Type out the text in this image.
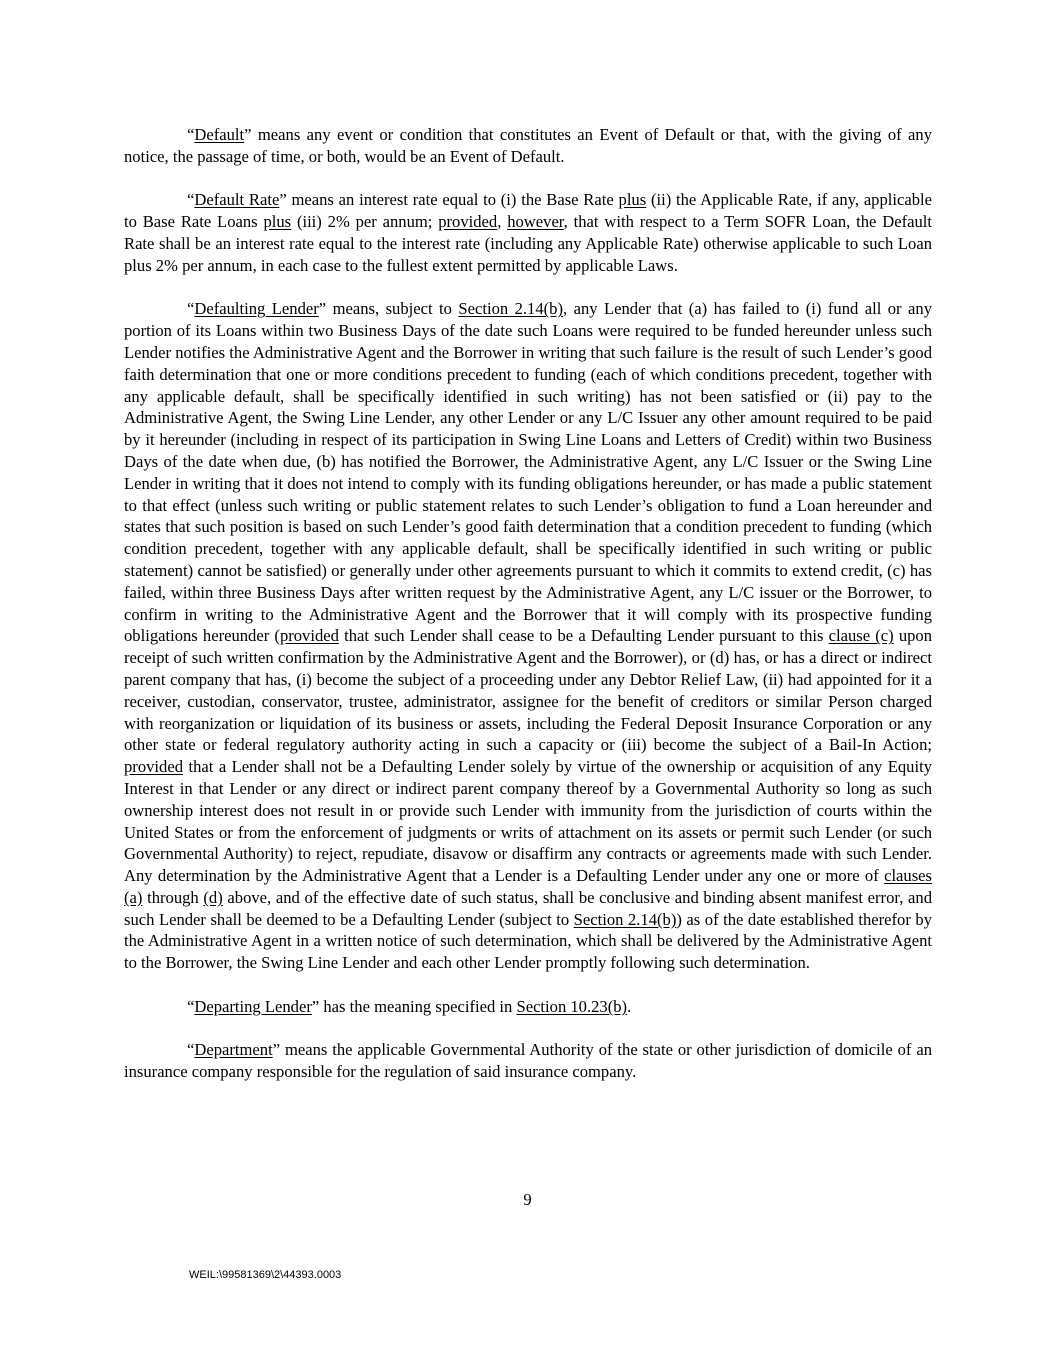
“Default” means any event or condition that constitutes an Event of Default or that, with the giving of any notice, the passage of time, or both, would be an Event of Default.

“Default Rate” means an interest rate equal to (i) the Base Rate plus (ii) the Applicable Rate, if any, applicable to Base Rate Loans plus (iii) 2% per annum; provided, however, that with respect to a Term SOFR Loan, the Default Rate shall be an interest rate equal to the interest rate (including any Applicable Rate) otherwise applicable to such Loan plus 2% per annum, in each case to the fullest extent permitted by applicable Laws.

“Defaulting Lender” means, subject to Section 2.14(b), any Lender that (a) has failed to (i) fund all or any portion of its Loans within two Business Days of the date such Loans were required to be funded hereunder unless such Lender notifies the Administrative Agent and the Borrower in writing that such failure is the result of such Lender’s good faith determination that one or more conditions precedent to funding (each of which conditions precedent, together with any applicable default, shall be specifically identified in such writing) has not been satisfied or (ii) pay to the Administrative Agent, the Swing Line Lender, any other Lender or any L/C Issuer any other amount required to be paid by it hereunder (including in respect of its participation in Swing Line Loans and Letters of Credit) within two Business Days of the date when due, (b) has notified the Borrower, the Administrative Agent, any L/C Issuer or the Swing Line Lender in writing that it does not intend to comply with its funding obligations hereunder, or has made a public statement to that effect (unless such writing or public statement relates to such Lender’s obligation to fund a Loan hereunder and states that such position is based on such Lender’s good faith determination that a condition precedent to funding (which condition precedent, together with any applicable default, shall be specifically identified in such writing or public statement) cannot be satisfied) or generally under other agreements pursuant to which it commits to extend credit, (c) has failed, within three Business Days after written request by the Administrative Agent, any L/C issuer or the Borrower, to confirm in writing to the Administrative Agent and the Borrower that it will comply with its prospective funding obligations hereunder (provided that such Lender shall cease to be a Defaulting Lender pursuant to this clause (c) upon receipt of such written confirmation by the Administrative Agent and the Borrower), or (d) has, or has a direct or indirect parent company that has, (i) become the subject of a proceeding under any Debtor Relief Law, (ii) had appointed for it a receiver, custodian, conservator, trustee, administrator, assignee for the benefit of creditors or similar Person charged with reorganization or liquidation of its business or assets, including the Federal Deposit Insurance Corporation or any other state or federal regulatory authority acting in such a capacity or (iii) become the subject of a Bail-In Action; provided that a Lender shall not be a Defaulting Lender solely by virtue of the ownership or acquisition of any Equity Interest in that Lender or any direct or indirect parent company thereof by a Governmental Authority so long as such ownership interest does not result in or provide such Lender with immunity from the jurisdiction of courts within the United States or from the enforcement of judgments or writs of attachment on its assets or permit such Lender (or such Governmental Authority) to reject, repudiate, disavow or disaffirm any contracts or agreements made with such Lender. Any determination by the Administrative Agent that a Lender is a Defaulting Lender under any one or more of clauses (a) through (d) above, and of the effective date of such status, shall be conclusive and binding absent manifest error, and such Lender shall be deemed to be a Defaulting Lender (subject to Section 2.14(b)) as of the date established therefor by the Administrative Agent in a written notice of such determination, which shall be delivered by the Administrative Agent to the Borrower, the Swing Line Lender and each other Lender promptly following such determination.

“Departing Lender” has the meaning specified in Section 10.23(b).

“Department” means the applicable Governmental Authority of the state or other jurisdiction of domicile of an insurance company responsible for the regulation of said insurance company.

9
WEIL:\99581369\2\44393.0003
